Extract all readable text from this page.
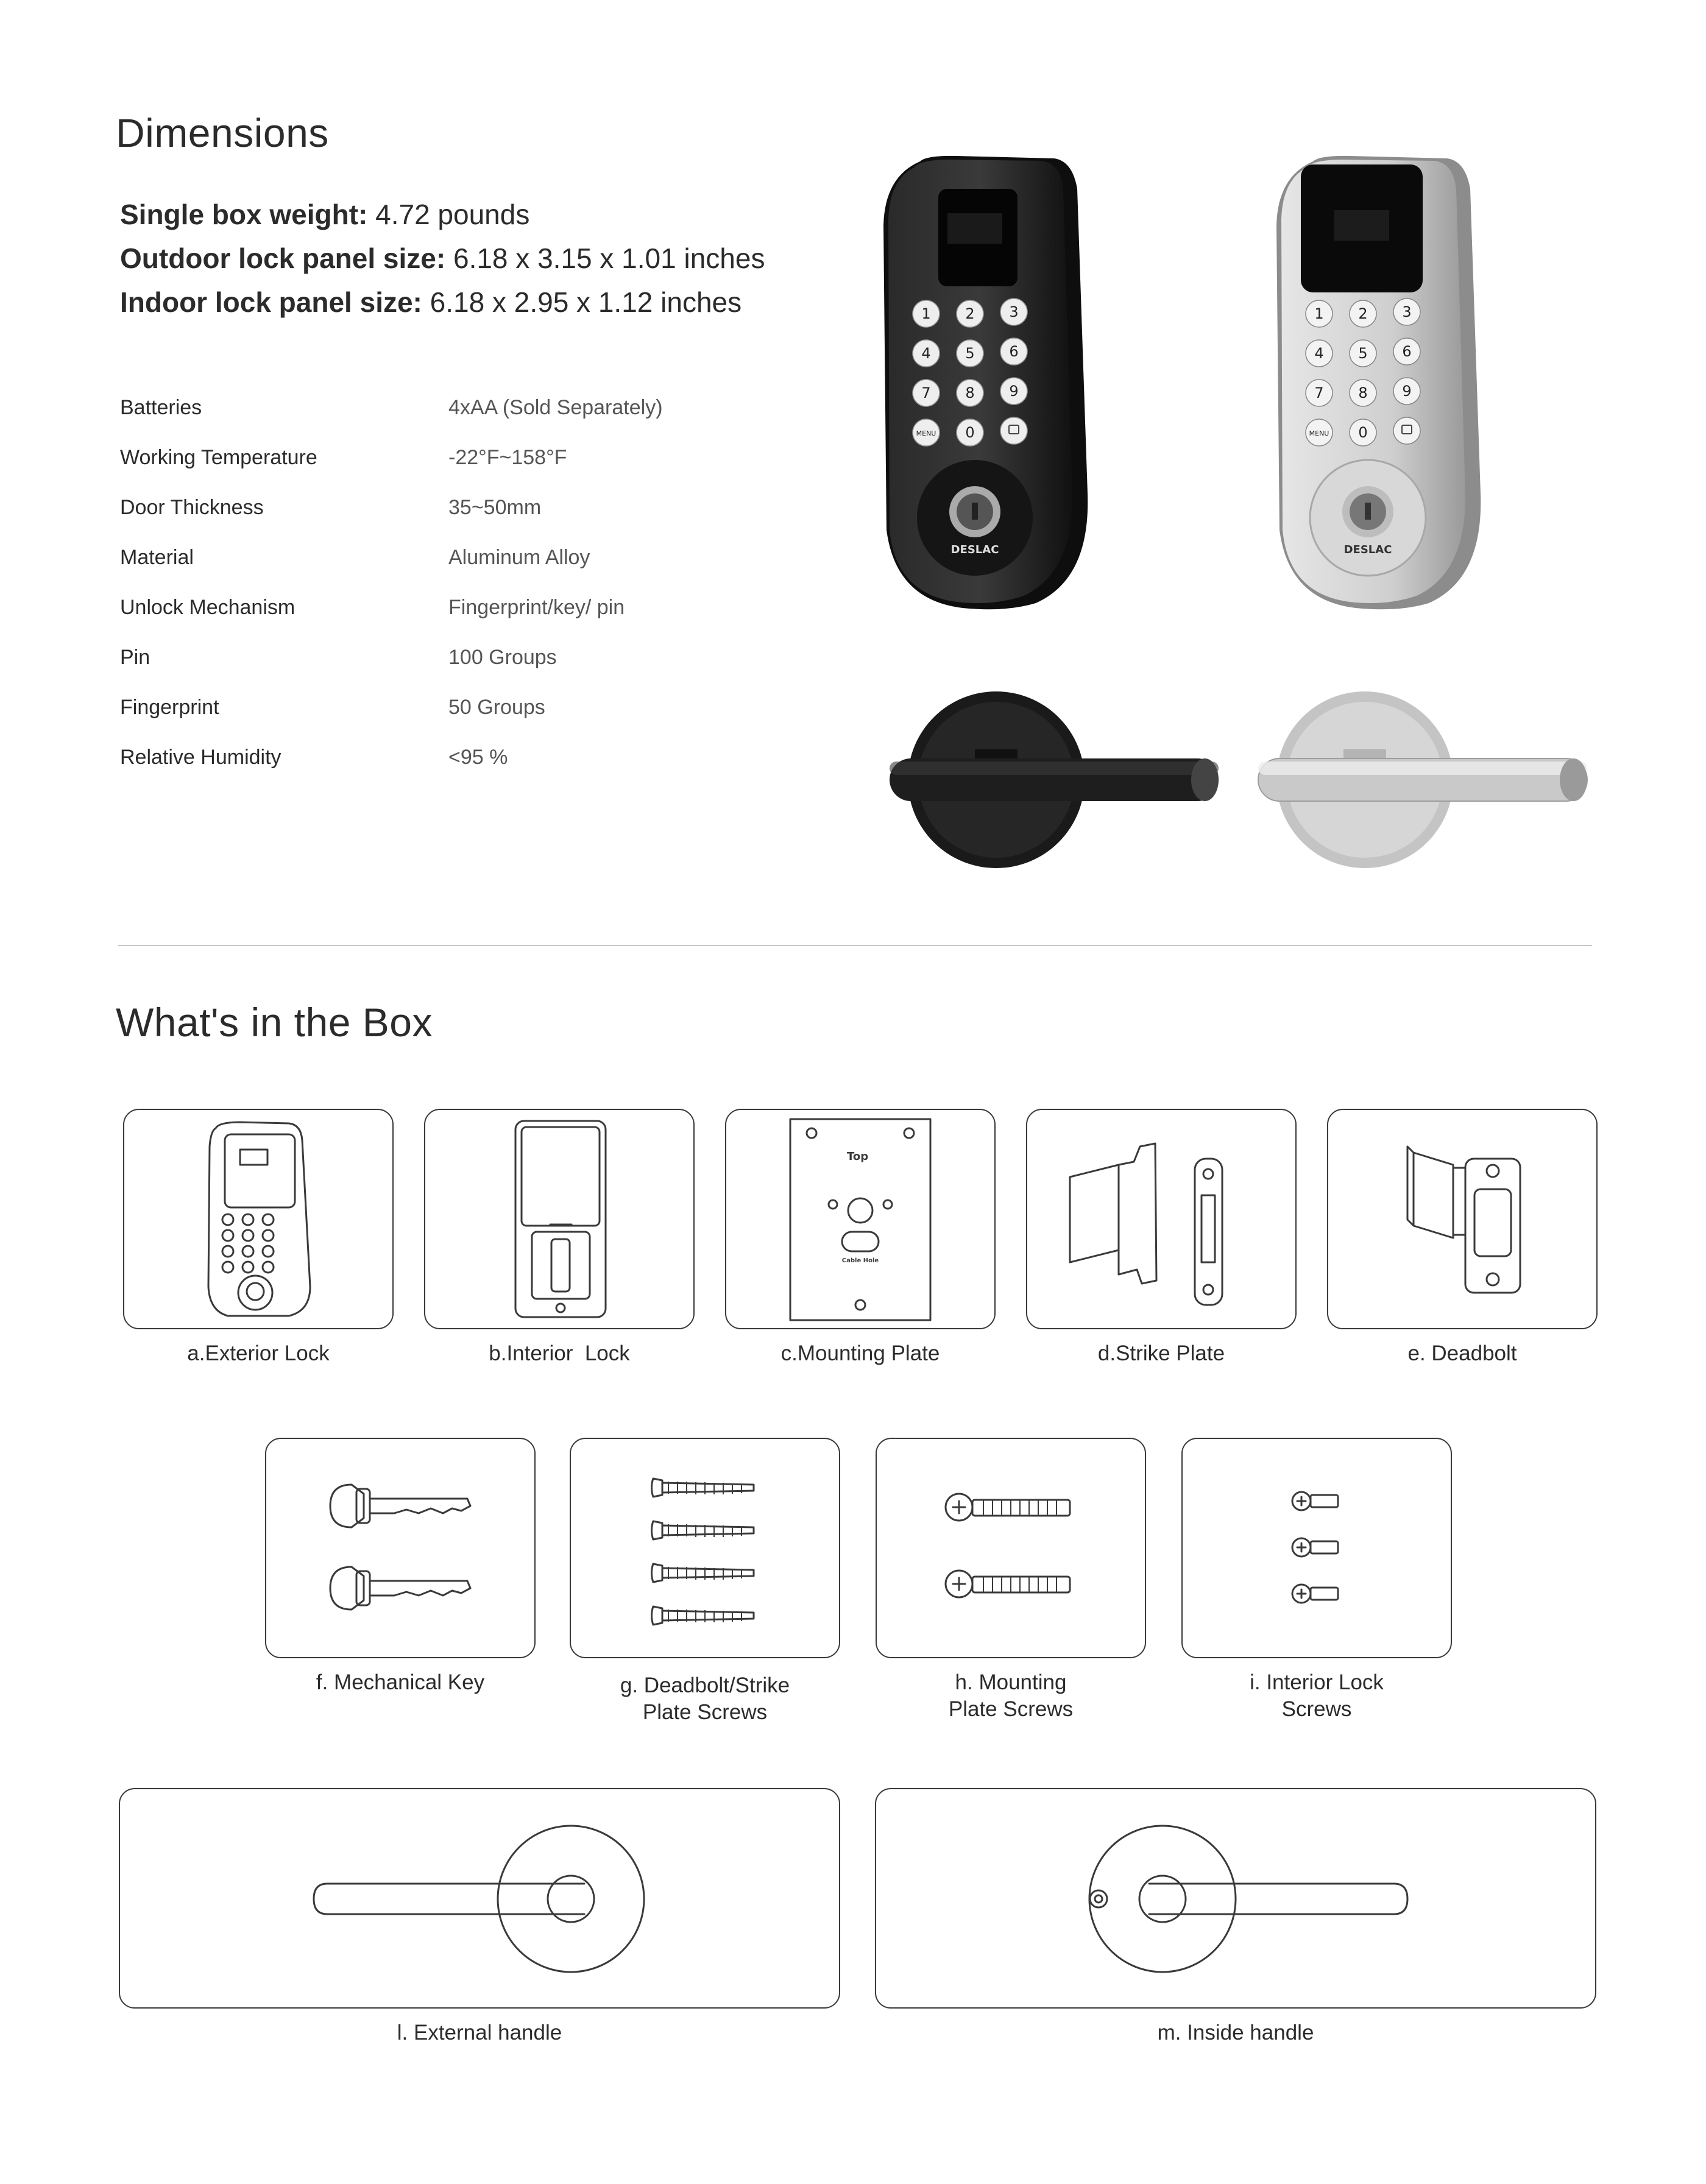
Dimensions
Single box weight: 4.72 pounds
Outdoor lock panel size: 6.18 x 3.15 x 1.01 inches
Indoor lock panel size: 6.18 x 2.95 x 1.12 inches
Batteries	4xAA (Sold Separately)
Working Temperature	-22°F~158°F
Door Thickness	35~50mm
Material	Aluminum Alloy
Unlock Mechanism	Fingerprint/key/ pin
Pin	100 Groups
Fingerprint	50 Groups
Relative Humidity	<95 %
1 2 3
4 5 6
7 8 9
MENU 0
DESLAC
1 2 3
4 5 6
7 8 9
MENU 0
DESLAC
What's in the Box
a.Exterior Lock	b.Interior  Lock
Top
Cable Hole
c.Mounting Plate	d.Strike Plate	e. Deadbolt
f. Mechanical Key	g. Deadbolt/Strike
Plate Screws
h. Mounting
Plate Screws
i. Interior Lock
Screws
l. External handle	m. Inside handle
